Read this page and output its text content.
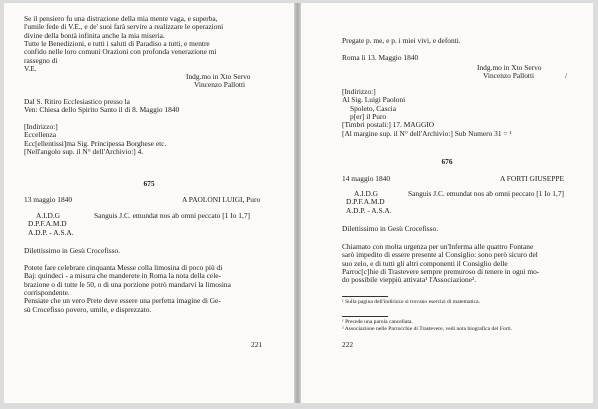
Se il pensiero fu una distrazione della mia mente vaga, e superba,
l'umile fede di V.E., e de' suoi farà servire a realizzare le operazioni
divine della bontà infinita anche la mia miseria.
Tutte le Benedizioni, e tutti i saluti di Paradiso a tutti, e mentre
confido nelle loro comuni Orazioni con profonda venerazione mi
rassegno di
V.E.
Indg.mo in Xto Servo
Vincenzo Pallotti
Dal S. Ritiro Ecclesiastico presso la
Ven: Chiesa dello Spirito Santo il di 8. Maggio 1840
[Indirizzo:]
Eccellenza
Ecc[ellentissi]ma Sig. Principessa Borghese etc.
[Nell'angolo sup. il N° dell'Archivio:] 4.
675
13 maggio 1840	A PAOLONI LUIGI, Puro
A.I.D.G	Sanguis J.C. emundat nos ab omni peccato [1 Io 1,7]
D.P.F.A.M.D
A.D.P. - A.S.A.
Dilettissimo in Gesù Crocefisso.
Potete fare celebrare cinquanta Messe colla limosina di poco più di
Baj: quindeci - a misura che manderete in Roma la nota della cele-
brazione o di tutte le 50, o di una porzione potrò mandarvi la limosina
corrispondente.
Pensiate che un vero Prete deve essere una perfetta imagine di Ge-
sù Crocefisso povero, umile, e disprezzato.
221
Pregate p. me, e p. i miei vivi, e defonti.
Roma li 13. Maggio 1840
Indg.mo in Xto Servo
Vincenzo Pallotti	/
[Indirizzo:]
Al Sig. Luigi Paoloni
Spoleto, Cascia
p[er] il Puro
[Timbri postali:] 17. MAGGIO
[Al margine sup. il N° dell'Archivio:] Sub Numero 31 = ¹
676
14 maggio 1840	A FORTI GIUSEPPE
A.I.D.G	Sanguis J.C. emundat nos ab omni peccato [1 Io 1,7]
D.P.F.A.M.D
A.D.P. - A.S.A.
Dilettissimo in Gesù Crocefisso.
Chiamato con molta urgenza per un'Inferma alle quattro Fontane
sarò impedito di essere presente al Consiglio: sono però sicuro del
suo zelo, e di tutti gli altri componenti il Consiglio delle
Parroc[c]hie di Trastevere sempre premuroso di tenere in ogni mo-
do possibile vieppiù attivata¹ l'Associazione².
¹ Sulla pagina dell'indirizzo si trovano esercizi di matematica.
¹ Precede una parola cancellata.
² Associazione nelle Parrocchie di Trastevere, vedi nota biografica del Forti.
222
